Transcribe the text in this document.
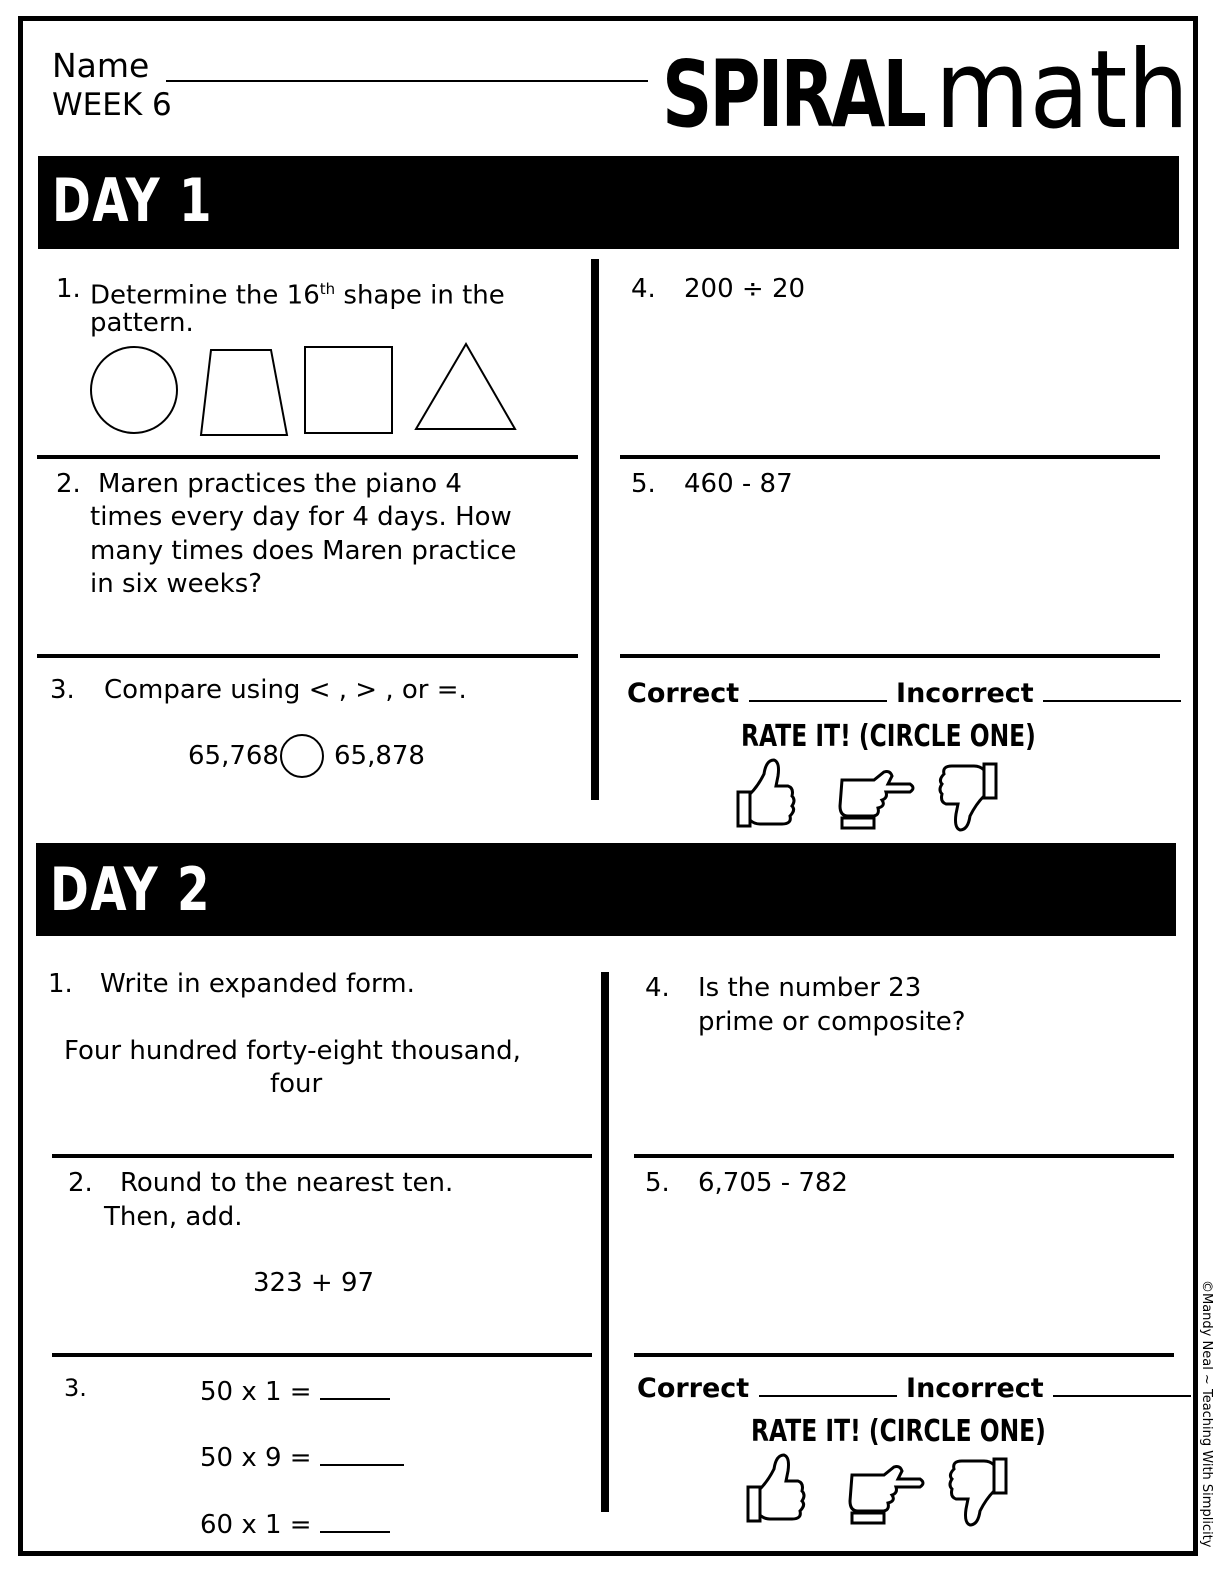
Name
WEEK 6	SPIRAL math
DAY 1
1. Determine the 16th shape in the
pattern.
2. Maren practices the piano 4
times every day for 4 days. How
many times does Maren practice
in six weeks?
3. Compare using < , > , or =.
65,768 65,878
4. 200 ÷ 20
5. 460 - 87
Correct	Incorrect
RATE IT! (CIRCLE ONE)
DAY 2
1. Write in expanded form.
Four hundred forty-eight thousand,
four
2. Round to the nearest ten.
Then, add.
323 + 97
3.	50 x 1 =
50 x 9 =
60 x 1 =
4. Is the number 23
prime or composite?
5. 6,705 - 782
Correct	Incorrect
RATE IT! (CIRCLE ONE)	©Mandy Neal ~ Teaching With Simplicity
